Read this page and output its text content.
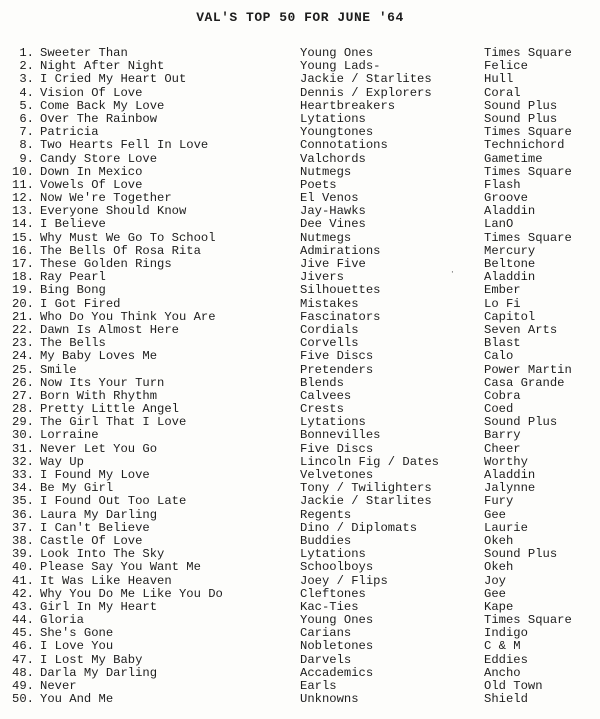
VAL'S TOP 50 FOR JUNE '64
1. Sweeter Than	Young Ones	Times Square
2. Night After Night	Young Lads-	Felice
3. I Cried My Heart Out	Jackie / Starlites	Hull
4. Vision Of Love	Dennis / Explorers	Coral
5. Come Back My Love	Heartbreakers	Sound Plus
6. Over The Rainbow	Lytations	Sound Plus
7. Patricia	Youngtones	Times Square
8. Two Hearts Fell In Love	Connotations	Technichord
9. Candy Store Love	Valchords	Gametime
10. Down In Mexico	Nutmegs	Times Square
11. Vowels Of Love	Poets	Flash
12. Now We're Together	El Venos	Groove
13. Everyone Should Know	Jay-Hawks	Aladdin
14. I Believe	Dee Vines	LanO
15. Why Must We Go To School	Nutmegs	Times Square
16. The Bells Of Rosa Rita	Admirations	Mercury
17. These Golden Rings	Jive Five	Beltone
18. Ray Pearl	Jivers	Aladdin
19. Bing Bong	Silhouettes	Ember
20. I Got Fired	Mistakes	Lo Fi
21. Who Do You Think You Are	Fascinators	Capitol
22. Dawn Is Almost Here	Cordials	Seven Arts
23. The Bells	Corvells	Blast
24. My Baby Loves Me	Five Discs	Calo
25. Smile	Pretenders	Power Martin
26. Now Its Your Turn	Blends	Casa Grande
27. Born With Rhythm	Calvees	Cobra
28. Pretty Little Angel	Crests	Coed
29. The Girl That I Love	Lytations	Sound Plus
30. Lorraine	Bonnevilles	Barry
31. Never Let You Go	Five Discs	Cheer
32. Way Up	Lincoln Fig / Dates	Worthy
33. I Found My Love	Velvetones	Aladdin
34. Be My Girl	Tony / Twilighters	Jalynne
35. I Found Out Too Late	Jackie / Starlites	Fury
36. Laura My Darling	Regents	Gee
37. I Can't Believe	Dino / Diplomats	Laurie
38. Castle Of Love	Buddies	Okeh
39. Look Into The Sky	Lytations	Sound Plus
40. Please Say You Want Me	Schoolboys	Okeh
41. It Was Like Heaven	Joey / Flips	Joy
42. Why You Do Me Like You Do	Cleftones	Gee
43. Girl In My Heart	Kac-Ties	Kape
44. Gloria	Young Ones	Times Square
45. She's Gone	Carians	Indigo
46. I Love You	Nobletones	C & M
47. I Lost My Baby	Darvels	Eddies
48. Darla My Darling	Accademics	Ancho
49. Never	Earls	Old Town
50. You And Me	Unknowns	Shield
·
